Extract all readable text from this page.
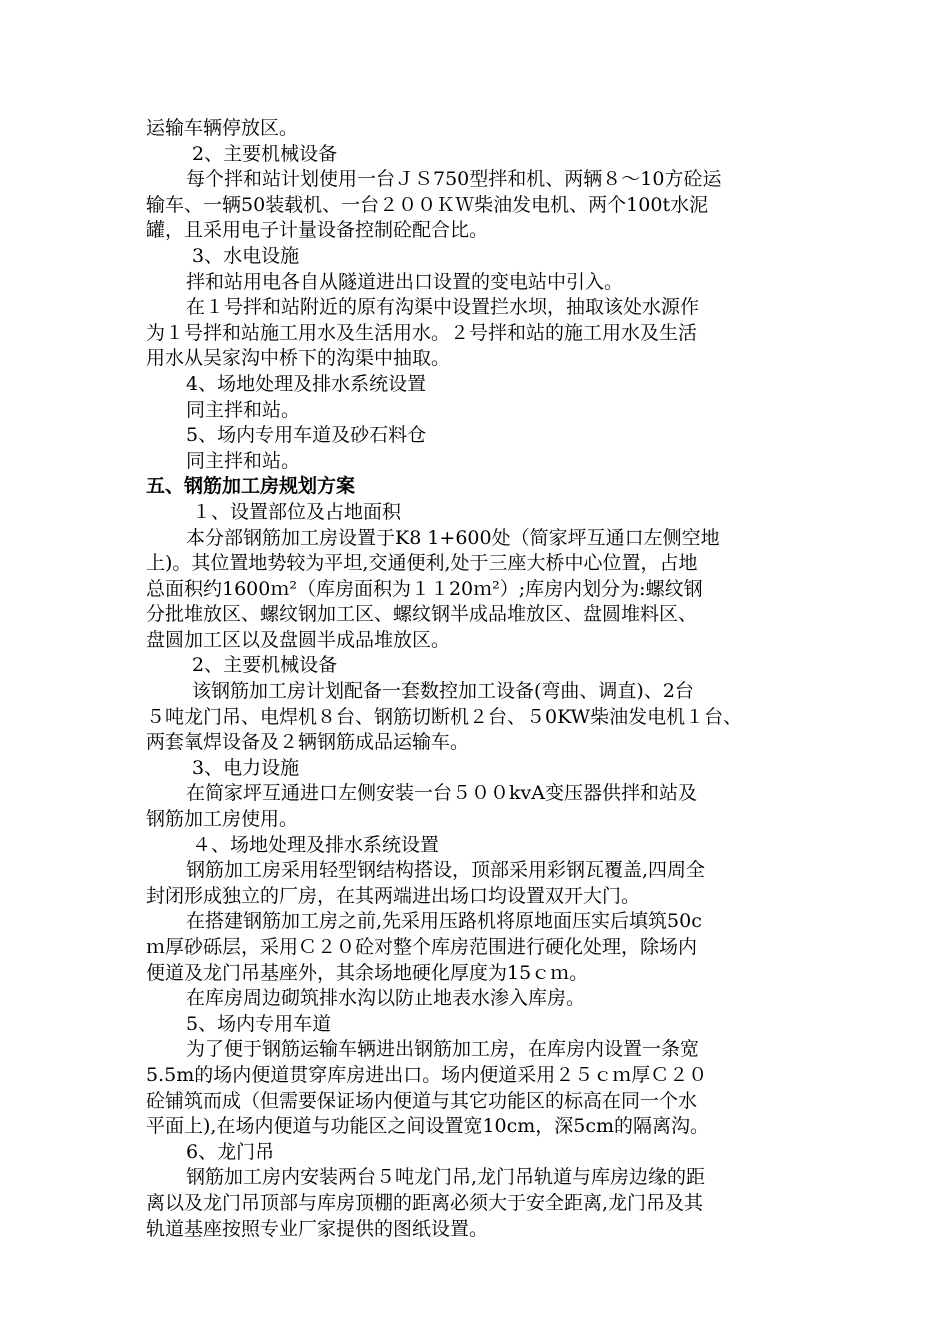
运输车辆停放区。
2、主要机械设备
每个拌和站计划使用一台ＪＳ750型拌和机、两辆８～10方砼运
输车、一辆50装载机、一台２００ＫＷ柴油发电机、两个100t水泥
罐，且采用电子计量设备控制砼配合比。
3、水电设施
拌和站用电各自从隧道进出口设置的变电站中引入。
在１号拌和站附近的原有沟渠中设置拦水坝，抽取该处水源作
为１号拌和站施工用水及生活用水。２号拌和站的施工用水及生活
用水从吴家沟中桥下的沟渠中抽取。
4、场地处理及排水系统设置
同主拌和站。
5、场内专用车道及砂石料仓
同主拌和站。
五、钢筋加工房规划方案
１、设置部位及占地面积
本分部钢筋加工房设置于K8 1+600处（简家坪互通口左侧空地
上)。其位置地势较为平坦,交通便利,处于三座大桥中心位置，占地
总面积约1600ｍ²（库房面积为１１20ｍ²）;库房内划分为:螺纹钢
分批堆放区、螺纹钢加工区、螺纹钢半成品堆放区、盘圆堆料区、
盘圆加工区以及盘圆半成品堆放区。
2、主要机械设备
该钢筋加工房计划配备一套数控加工设备(弯曲、调直)、2台
５吨龙门吊、电焊机８台、钢筋切断机２台、５0KW柴油发电机１台、
两套氧焊设备及２辆钢筋成品运输车。
3、电力设施
在简家坪互通进口左侧安装一台５００kvA变压器供拌和站及
钢筋加工房使用。
４、场地处理及排水系统设置
钢筋加工房采用轻型钢结构搭设，顶部采用彩钢瓦覆盖,四周全
封闭形成独立的厂房，在其两端进出场口均设置双开大门。
在搭建钢筋加工房之前,先采用压路机将原地面压实后填筑50c
ｍ厚砂砾层，采用Ｃ２０砼对整个库房范围进行硬化处理，除场内
便道及龙门吊基座外，其余场地硬化厚度为15ｃｍ。
在库房周边砌筑排水沟以防止地表水渗入库房。
5、场内专用车道
为了便于钢筋运输车辆进出钢筋加工房，在库房内设置一条宽
5.5m的场内便道贯穿库房进出口。场内便道采用２５ｃｍ厚Ｃ２０
砼铺筑而成（但需要保证场内便道与其它功能区的标高在同一个水
平面上),在场内便道与功能区之间设置宽10cm，深5cm的隔离沟。
6、龙门吊
钢筋加工房内安装两台５吨龙门吊,龙门吊轨道与库房边缘的距
离以及龙门吊顶部与库房顶棚的距离必须大于安全距离,龙门吊及其
轨道基座按照专业厂家提供的图纸设置。
